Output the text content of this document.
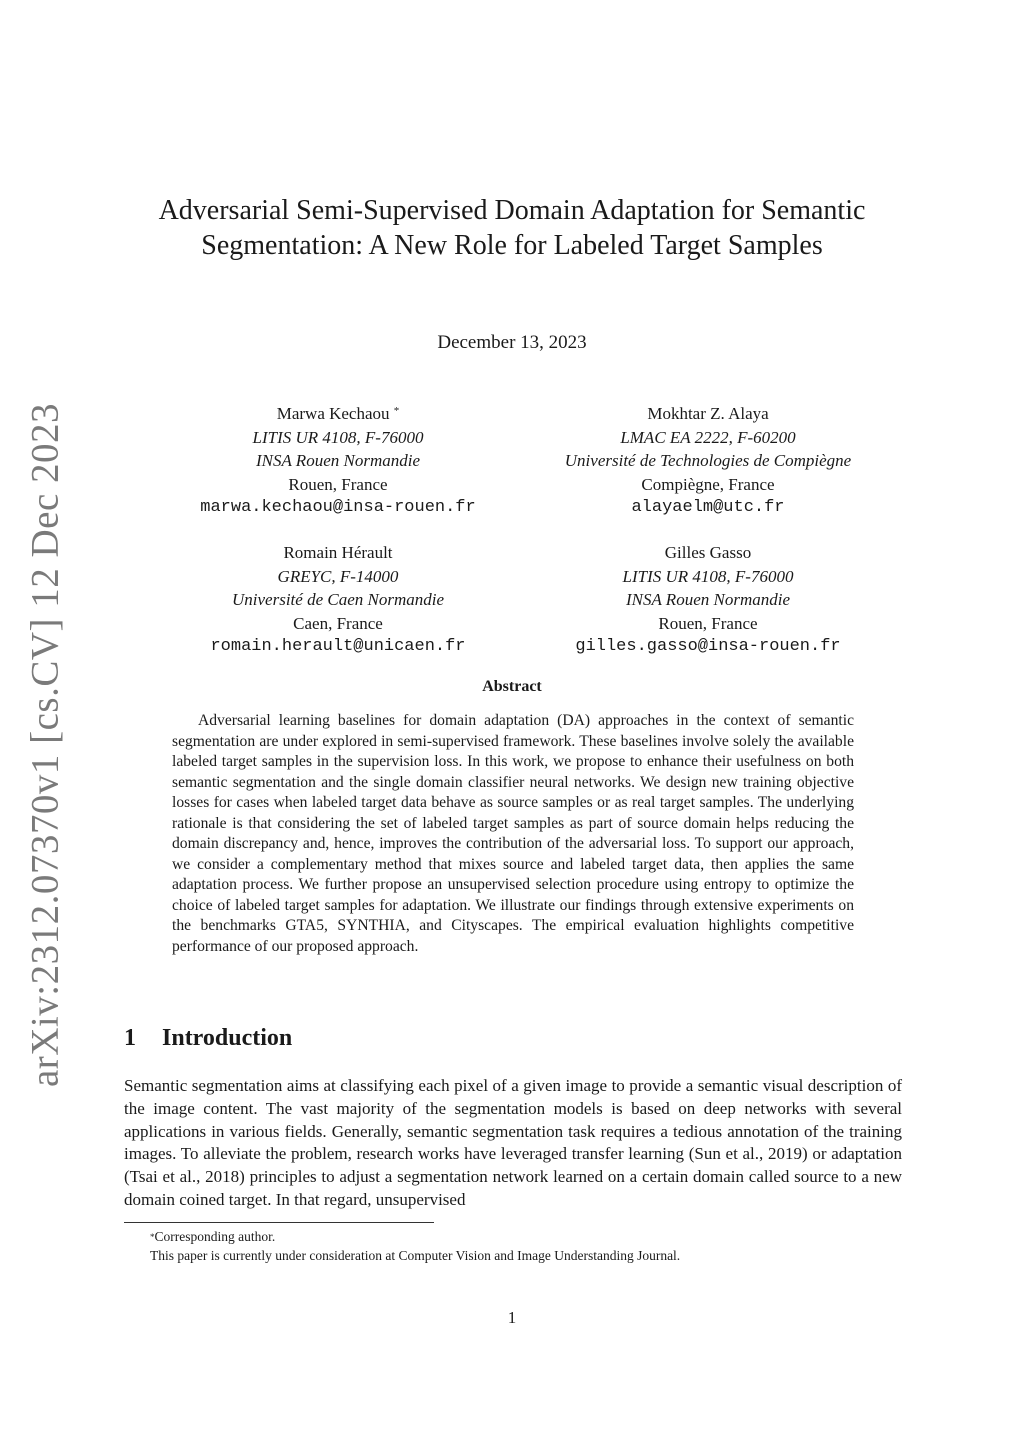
arXiv:2312.07370v1 [cs.CV] 12 Dec 2023
Adversarial Semi-Supervised Domain Adaptation for Semantic
Segmentation: A New Role for Labeled Target Samples
December 13, 2023
Marwa Kechaou *
LITIS UR 4108, F-76000
INSA Rouen Normandie
Rouen, France
marwa.kechaou@insa-rouen.fr
Mokhtar Z. Alaya
LMAC EA 2222, F-60200
Université de Technologies de Compiègne
Compiègne, France
alayaelm@utc.fr
Romain Hérault
GREYC, F-14000
Université de Caen Normandie
Caen, France
romain.herault@unicaen.fr
Gilles Gasso
LITIS UR 4108, F-76000
INSA Rouen Normandie
Rouen, France
gilles.gasso@insa-rouen.fr
Abstract

Adversarial learning baselines for domain adaptation (DA) approaches in the context of semantic segmentation are under explored in semi-supervised framework. These baselines involve solely the available labeled target samples in the supervision loss. In this work, we propose to enhance their usefulness on both semantic segmentation and the single domain classifier neural networks. We design new training objective losses for cases when labeled target data behave as source samples or as real target samples. The underlying rationale is that considering the set of labeled target samples as part of source domain helps reducing the domain discrepancy and, hence, improves the contribution of the adversarial loss. To support our approach, we consider a complementary method that mixes source and labeled target data, then applies the same adaptation process. We further propose an unsupervised selection procedure using entropy to optimize the choice of labeled target samples for adaptation. We illustrate our findings through extensive experiments on the benchmarks GTA5, SYNTHIA, and Cityscapes. The empirical evaluation highlights competitive performance of our proposed approach.

1 Introduction

Semantic segmentation aims at classifying each pixel of a given image to provide a semantic visual description of the image content. The vast majority of the segmentation models is based on deep networks with several applications in various fields. Generally, semantic segmentation task requires a tedious annotation of the training images. To alleviate the problem, research works have leveraged transfer learning (Sun et al., 2019) or adaptation (Tsai et al., 2018) principles to adjust a segmentation network learned on a certain domain called source to a new domain coined target. In that regard, unsupervised

*Corresponding author.
This paper is currently under consideration at Computer Vision and Image Understanding Journal.
1
